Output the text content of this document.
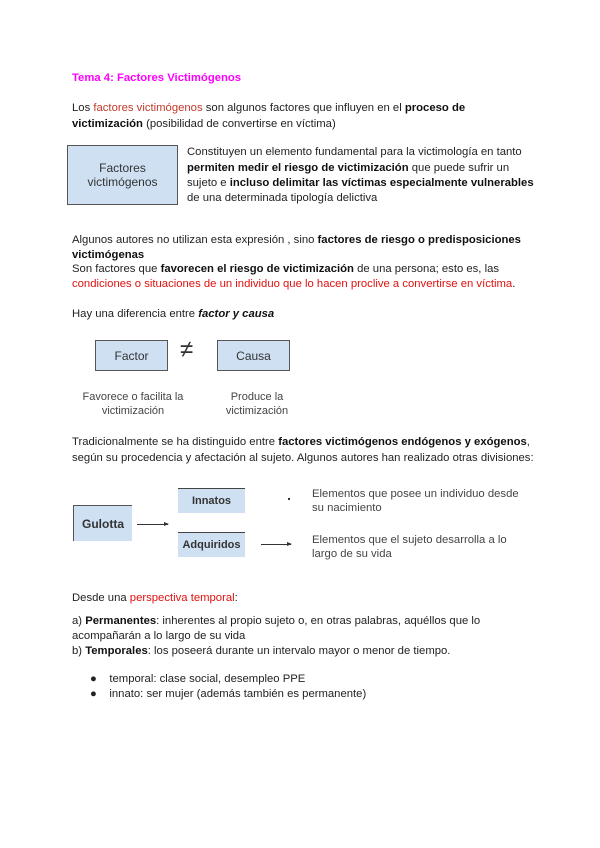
Tema 4: Factores Victimógenos
Los factores victimógenos son algunos factores que influyen en el proceso de
victimización (posibilidad de convertirse en víctima)
Factores victimógenos
Constituyen un elemento fundamental para la victimología en tanto
permiten medir el riesgo de victimización que puede sufrir un
sujeto e incluso delimitar las víctimas especialmente vulnerables
de una determinada tipología delictiva
Algunos autores no utilizan esta expresión , sino factores de riesgo o predisposiciones
victimógenas
Son factores que favorecen el riesgo de victimización de una persona; esto es, las
condiciones o situaciones de un individuo que lo hacen proclive a convertirse en víctima.
Hay una diferencia entre factor y causa
Factor	≠	Causa
Favorece o facilita la victimización
Produce la victimización
Tradicionalmente se ha distinguido entre factores victimógenos endógenos y exógenos,
según su procedencia y afectación al sujeto. Algunos autores han realizado otras divisiones:
Gulotta
Innatos
Adquiridos
Elementos que posee un individuo desde su nacimiento
Elementos que el sujeto desarrolla a lo largo de su vida
Desde una perspectiva temporal:
a) Permanentes: inherentes al propio sujeto o, en otras palabras, aquéllos que lo
acompañarán a lo largo de su vida
b) Temporales: los poseerá durante un intervalo mayor o menor de tiempo.
●    temporal: clase social, desempleo PPE
●    innato: ser mujer (además también es permanente)
